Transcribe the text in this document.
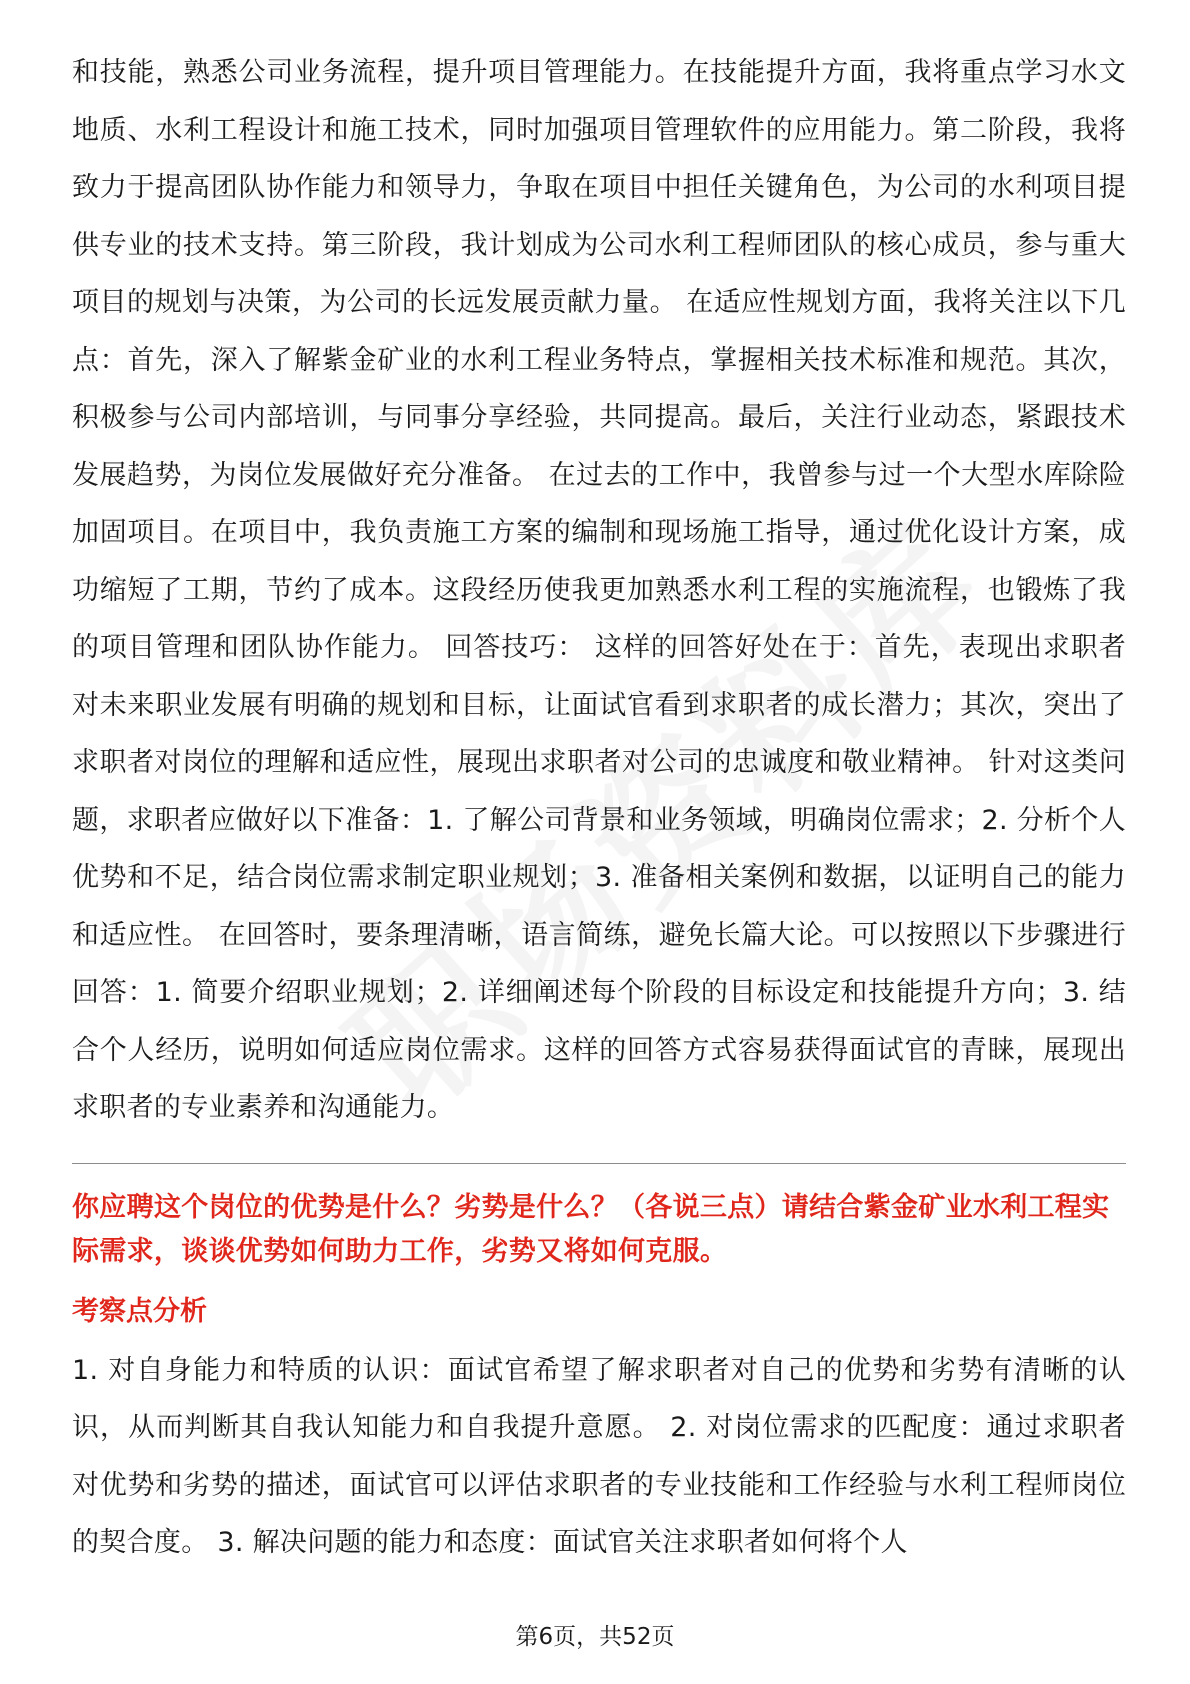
和技能，熟悉公司业务流程，提升项目管理能力。在技能提升方面，我将重点学习水文地质、水利工程设计和施工技术，同时加强项目管理软件的应用能力。第二阶段，我将致力于提高团队协作能力和领导力，争取在项目中担任关键角色，为公司的水利项目提供专业的技术支持。第三阶段，我计划成为公司水利工程师团队的核心成员，参与重大项目的规划与决策，为公司的长远发展贡献力量。 在适应性规划方面，我将关注以下几点：首先，深入了解紫金矿业的水利工程业务特点，掌握相关技术标准和规范。其次，积极参与公司内部培训，与同事分享经验，共同提高。最后，关注行业动态，紧跟技术发展趋势，为岗位发展做好充分准备。 在过去的工作中，我曾参与过一个大型水库除险加固项目。在项目中，我负责施工方案的编制和现场施工指导，通过优化设计方案，成功缩短了工期，节约了成本。这段经历使我更加熟悉水利工程的实施流程，也锻炼了我的项目管理和团队协作能力。 回答技巧： 这样的回答好处在于：首先，表现出求职者对未来职业发展有明确的规划和目标，让面试官看到求职者的成长潜力；其次，突出了求职者对岗位的理解和适应性，展现出求职者对公司的忠诚度和敬业精神。 针对这类问题，求职者应做好以下准备：1. 了解公司背景和业务领域，明确岗位需求；2. 分析个人优势和不足，结合岗位需求制定职业规划；3. 准备相关案例和数据，以证明自己的能力和适应性。 在回答时，要条理清晰，语言简练，避免长篇大论。可以按照以下步骤进行回答：1. 简要介绍职业规划；2. 详细阐述每个阶段的目标设定和技能提升方向；3. 结合个人经历，说明如何适应岗位需求。这样的回答方式容易获得面试官的青睐，展现出求职者的专业素养和沟通能力。

你应聘这个岗位的优势是什么？劣势是什么？（各说三点）请结合紫金矿业水利工程实际需求，谈谈优势如何助力工作，劣势又将如何克服。
考察点分析

1. 对自身能力和特质的认识：面试官希望了解求职者对自己的优势和劣势有清晰的认识，从而判断其自我认知能力和自我提升意愿。 2. 对岗位需求的匹配度：通过求职者对优势和劣势的描述，面试官可以评估求职者的专业技能和工作经验与水利工程师岗位的契合度。 3. 解决问题的能力和态度：面试官关注求职者如何将个人

第6页，共52页
